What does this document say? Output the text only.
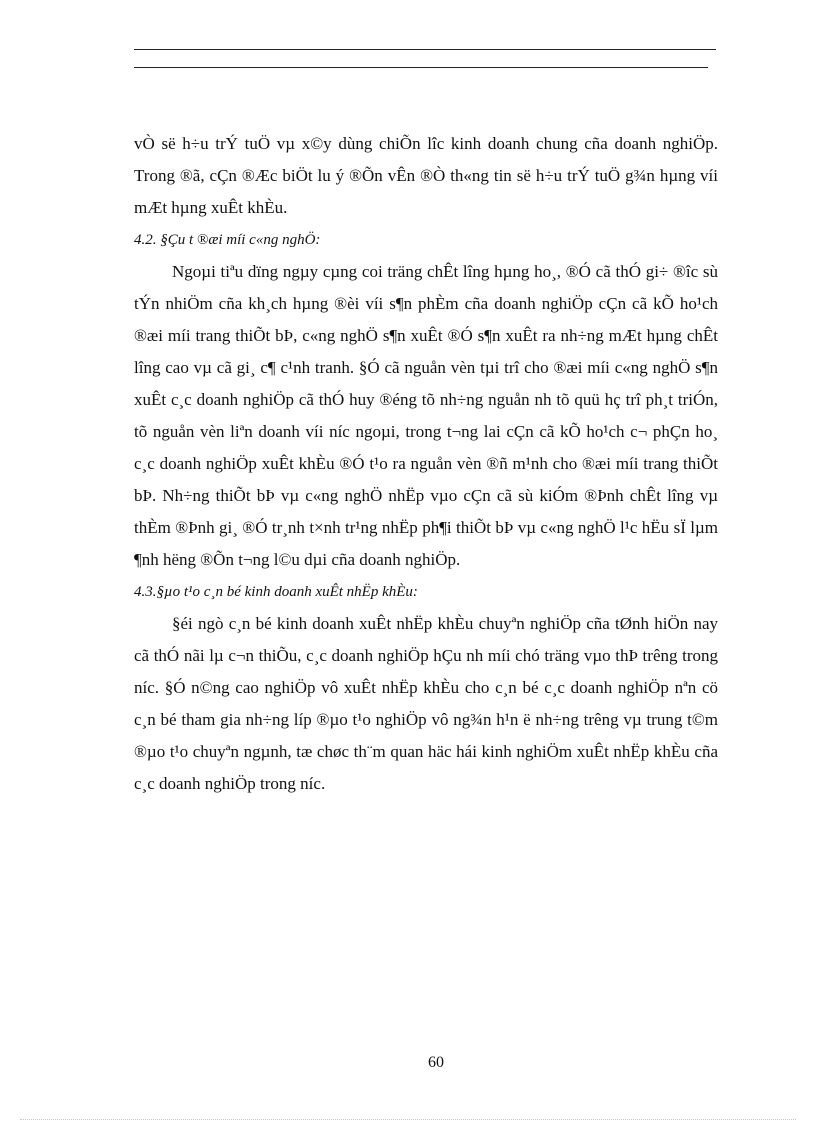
vÒ së h÷u trÝ tuÖ vµ x©y dùng chiÕn lîc kinh doanh chung cña doanh nghiÖp. Trong ®ã, cÇn ®Æc biÖt lu ý ®Õn vÊn ®Ò th«ng tin së h÷u trÝ tuÖ g¾n hµng víi mÆt hµng xuÊt khÈu.

4.2. §Çu t ®æi míi c«ng nghÖ:

Ngoµi tiªu dïng ngµy cµng coi träng chÊt lîng hµng ho¸, ®Ó cã thÓ gi÷ ®îc sù tÝn nhiÖm cña kh¸ch hµng ®èi víi s¶n phÈm cña doanh nghiÖp cÇn cã kÕ ho¹ch ®æi míi trang thiÕt bÞ, c«ng nghÖ s¶n xuÊt ®Ó s¶n xuÊt ra nh÷ng mÆt hµng chÊt lîng cao vµ cã gi¸ c¶ c¹nh tranh. §Ó cã nguån vèn tµi trî cho ®æi míi c«ng nghÖ s¶n xuÊt c¸c doanh nghiÖp cã thÓ huy ®éng tõ nh÷ng nguån nh tõ quü hç trî ph¸t triÓn, tõ nguån vèn liªn doanh víi níc ngoµi, trong t¬ng lai cÇn cã kÕ ho¹ch c¬ phÇn ho¸ c¸c doanh nghiÖp xuÊt khÈu ®Ó t¹o ra nguån vèn ®ñ m¹nh cho ®æi míi trang thiÕt bÞ. Nh÷ng thiÕt bÞ vµ c«ng nghÖ nhËp vµo cÇn cã sù kiÓm ®Þnh chÊt lîng vµ thÈm ®Þnh gi¸ ®Ó tr¸nh t×nh tr¹ng nhËp ph¶i thiÕt bÞ vµ c«ng nghÖ l¹c hËu sÏ lµm ¶nh hëng ®Õn t¬ng l©u dµi cña doanh nghiÖp.

4.3.§µo t¹o c¸n bé kinh doanh xuÊt nhËp khÈu:

§éi ngò c¸n bé kinh doanh xuÊt nhËp khÈu chuyªn nghiÖp cña tØnh hiÖn nay cã thÓ nãi lµ c¬n thiÕu, c¸c doanh nghiÖp hÇu nh míi chó träng vµo thÞ trêng trong níc. §Ó n©ng cao nghiÖp vô xuÊt nhËp khÈu cho c¸n bé c¸c doanh nghiÖp nªn cö c¸n bé tham gia nh÷ng líp ®µo t¹o nghiÖp vô ng¾n h¹n ë nh÷ng trêng vµ trung t©m ®µo t¹o chuyªn ngµnh, tæ chøc th¨m quan häc hái kinh nghiÖm xuÊt nhËp khÈu cña c¸c doanh nghiÖp trong níc.

60
